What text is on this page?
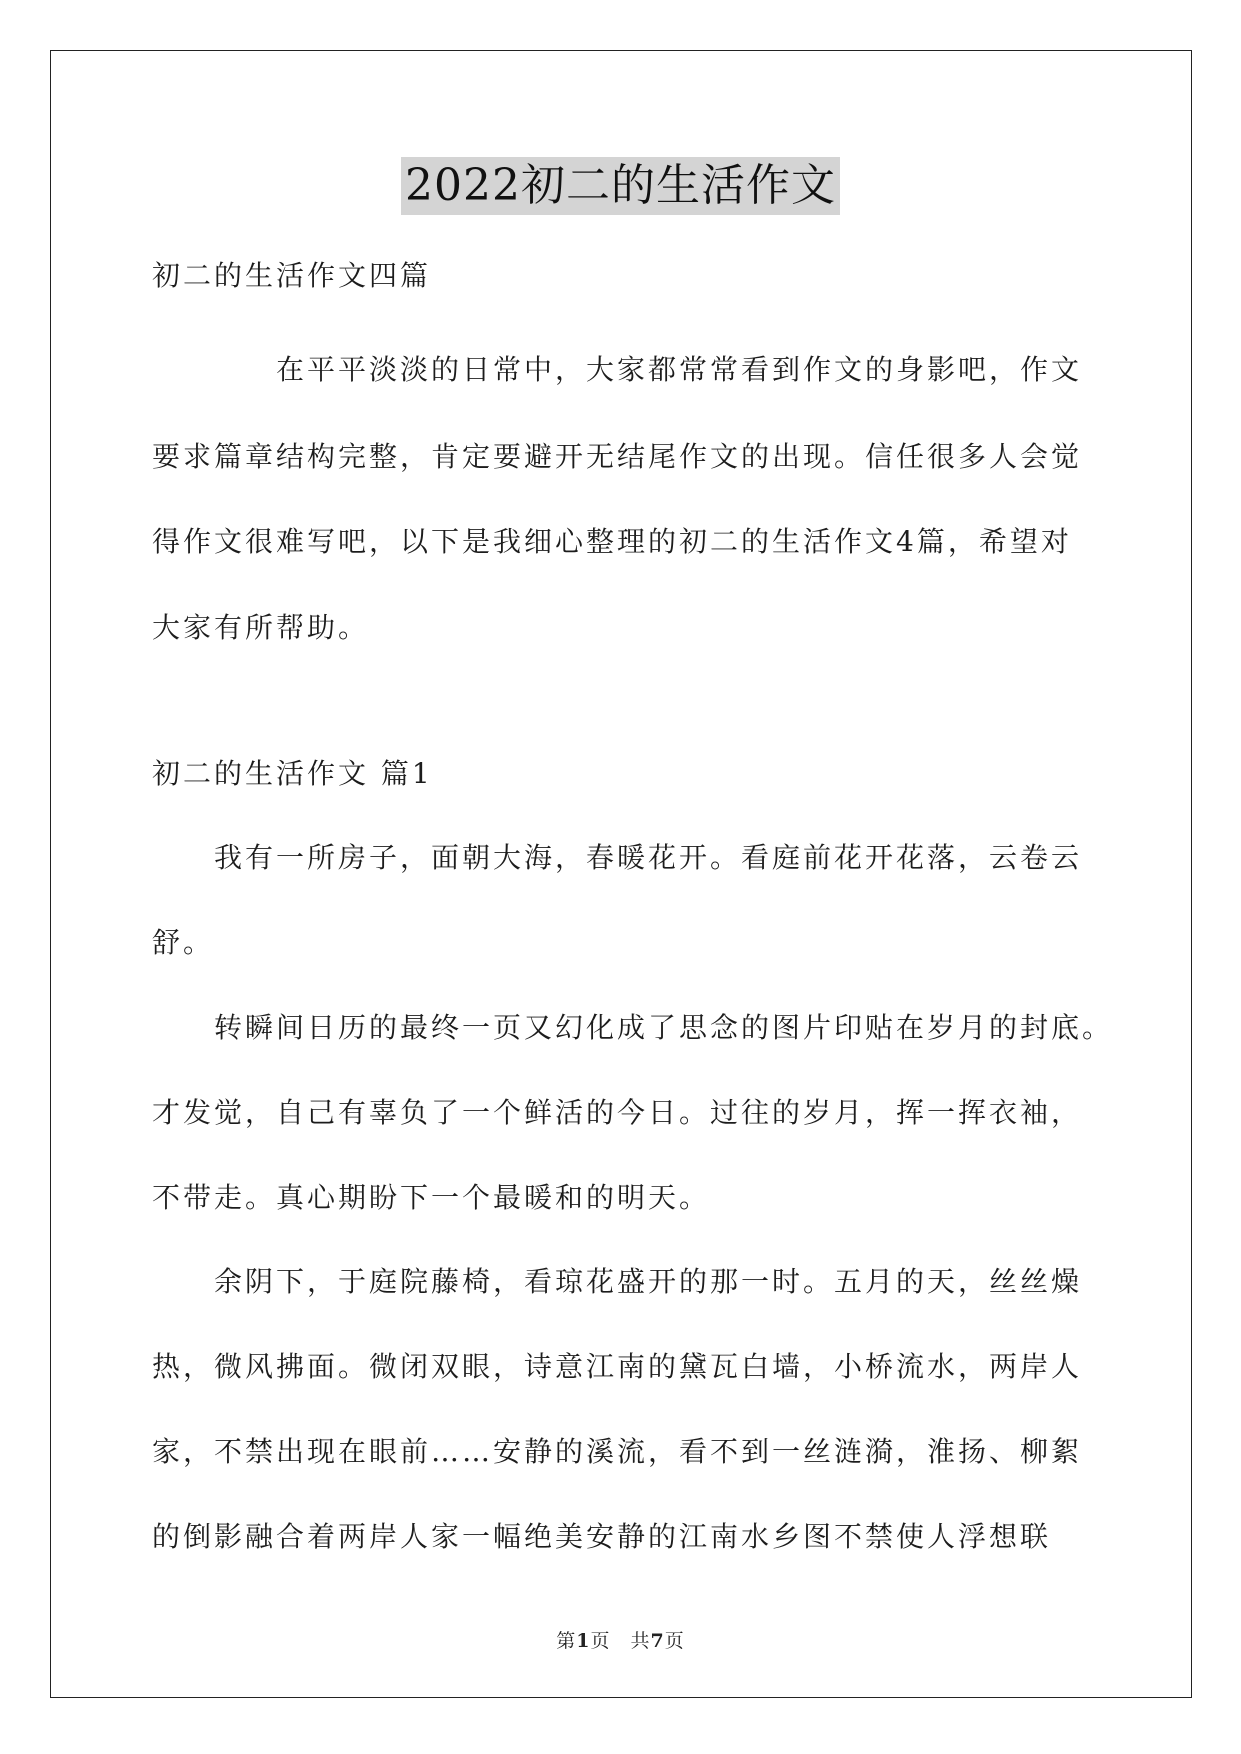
2022初二的生活作文
初二的生活作文四篇
在平平淡淡的日常中，大家都常常看到作文的身影吧，作文
要求篇章结构完整，肯定要避开无结尾作文的出现。信任很多人会觉
得作文很难写吧，以下是我细心整理的初二的生活作文4篇，希望对
大家有所帮助。
初二的生活作文 篇1
我有一所房子，面朝大海，春暖花开。看庭前花开花落，云卷云
舒。
转瞬间日历的最终一页又幻化成了思念的图片印贴在岁月的封底。
才发觉，自己有辜负了一个鲜活的今日。过往的岁月，挥一挥衣袖，
不带走。真心期盼下一个最暖和的明天。
余阴下，于庭院藤椅，看琼花盛开的那一时。五月的天，丝丝燥
热，微风拂面。微闭双眼，诗意江南的黛瓦白墙，小桥流水，两岸人
家，不禁出现在眼前……安静的溪流，看不到一丝涟漪，淮扬、柳絮
的倒影融合着两岸人家一幅绝美安静的江南水乡图不禁使人浮想联
第1页　共7页
